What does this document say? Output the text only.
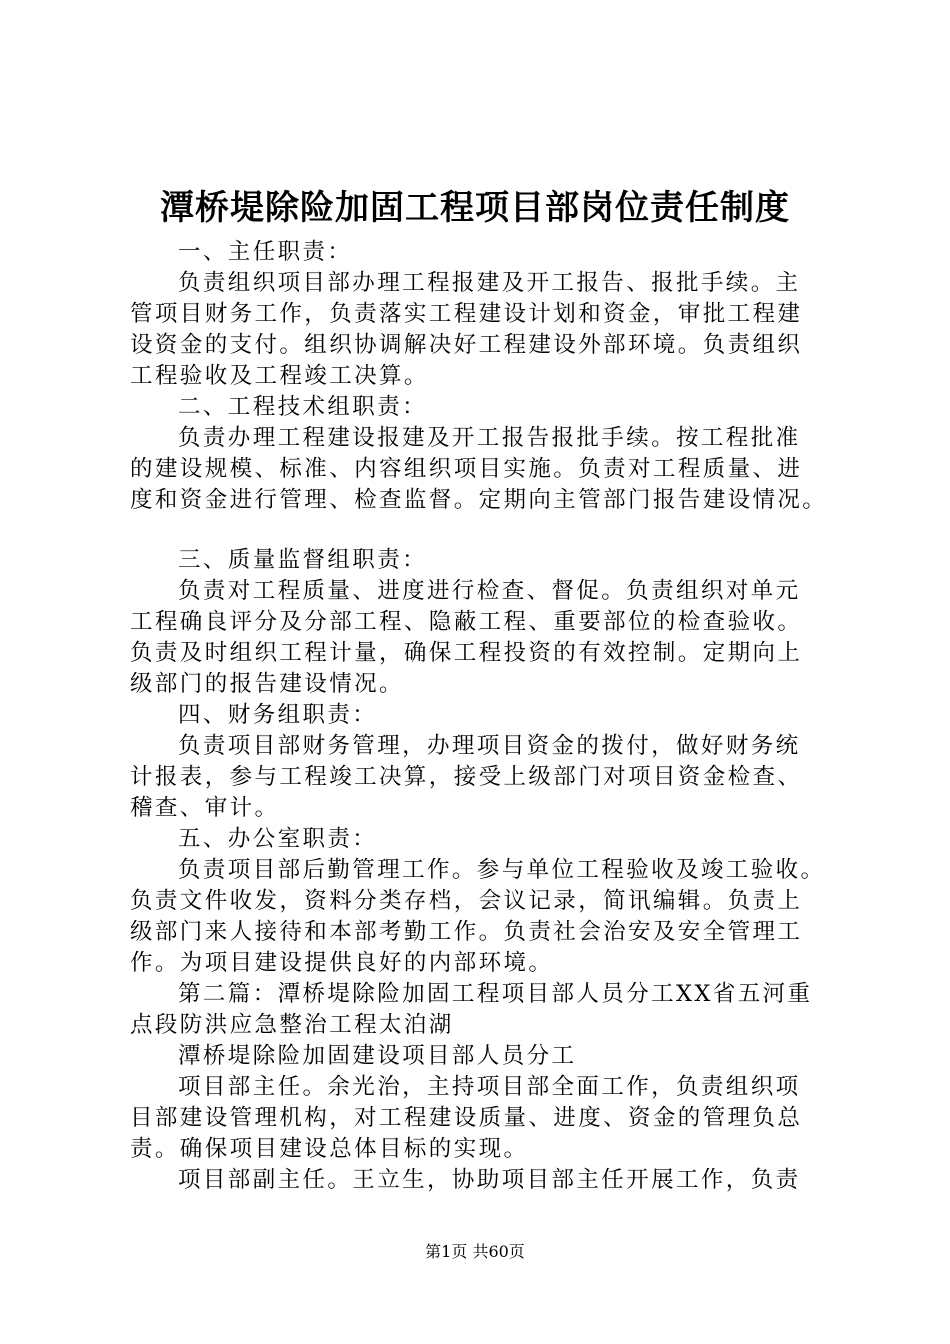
潭桥堤除险加固工程项目部岗位责任制度
一、主任职责：
负责组织项目部办理工程报建及开工报告、报批手续。主
管项目财务工作，负责落实工程建设计划和资金，审批工程建
设资金的支付。组织协调解决好工程建设外部环境。负责组织
工程验收及工程竣工决算。
二、工程技术组职责：
负责办理工程建设报建及开工报告报批手续。按工程批准
的建设规模、标准、内容组织项目实施。负责对工程质量、进
度和资金进行管理、检查监督。定期向主管部门报告建设情况。
三、质量监督组职责：
负责对工程质量、进度进行检查、督促。负责组织对单元
工程确良评分及分部工程、隐蔽工程、重要部位的检查验收。
负责及时组织工程计量，确保工程投资的有效控制。定期向上
级部门的报告建设情况。
四、财务组职责：
负责项目部财务管理，办理项目资金的拨付，做好财务统
计报表，参与工程竣工决算，接受上级部门对项目资金检查、
稽查、审计。
五、办公室职责：
负责项目部后勤管理工作。参与单位工程验收及竣工验收。
负责文件收发，资料分类存档，会议记录，简讯编辑。负责上
级部门来人接待和本部考勤工作。负责社会治安及安全管理工
作。为项目建设提供良好的内部环境。
第二篇：潭桥堤除险加固工程项目部人员分工XX省五河重
点段防洪应急整治工程太泊湖
潭桥堤除险加固建设项目部人员分工
项目部主任。余光治，主持项目部全面工作，负责组织项
目部建设管理机构，对工程建设质量、进度、资金的管理负总
责。确保项目建设总体目标的实现。
项目部副主任。王立生，协助项目部主任开展工作，负责
第1页 共60页
